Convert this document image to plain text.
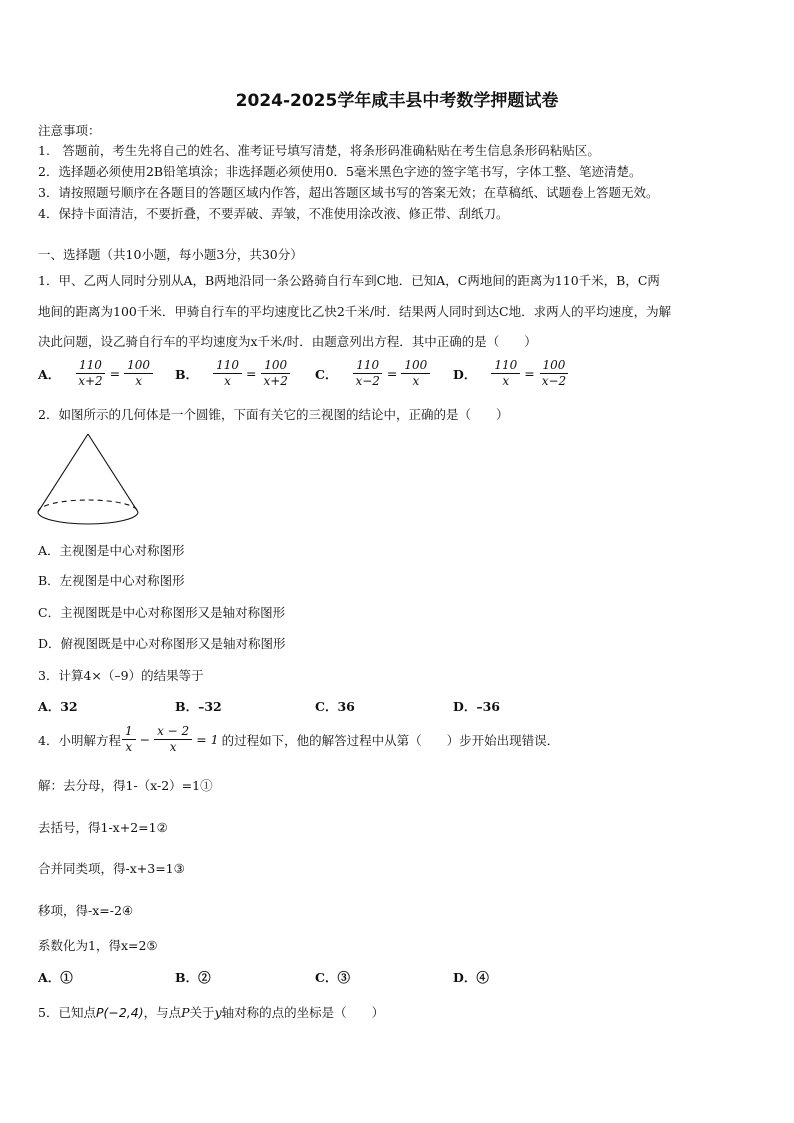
2024-2025学年咸丰县中考数学押题试卷
注意事项：
1.　答题前，考生先将自己的姓名、准考证号填写清楚，将条形码准确粘贴在考生信息条形码粘贴区。
2．选择题必须使用2B铅笔填涂；非选择题必须使用0．5毫米黑色字迹的签字笔书写，字体工整、笔迹清楚。
3．请按照题号顺序在各题目的答题区域内作答，超出答题区域书写的答案无效；在草稿纸、试题卷上答题无效。
4．保持卡面清洁，不要折叠，不要弄破、弄皱，不准使用涂改液、修正带、刮纸刀。
一、选择题（共10小题，每小题3分，共30分）
1．甲、乙两人同时分别从A，B两地沿同一条公路骑自行车到C地．已知A，C两地间的距离为110千米，B，C两
地间的距离为100千米．甲骑自行车的平均速度比乙快2千米/时．结果两人同时到达C地．求两人的平均速度，为解
决此问题，设乙骑自行车的平均速度为x千米/时．由题意列出方程．其中正确的是（　　）
A． $\frac{110}{x+2} = \frac{100}{x}$ B． $\frac{110}{x} = \frac{100}{x+2}$ C． $\frac{110}{x-2} = \frac{100}{x}$ D． $\frac{110}{x} = \frac{100}{x-2}$
2．如图所示的几何体是一个圆锥，下面有关它的三视图的结论中，正确的是（　　）
A．主视图是中心对称图形
B．左视图是中心对称图形
C．主视图既是中心对称图形又是轴对称图形
D．俯视图既是中心对称图形又是轴对称图形
3．计算4×（–9）的结果等于
A．32	B．–32	C．36	D．–36
4．小明解方程 $\frac{1}{x} - \frac{x - 2}{x} = 1$ 的过程如下，他的解答过程中从第（　　）步开始出现错误．
解：去分母，得1-（x-2）=1①
去括号，得1-x+2=1②
合并同类项，得-x+3=1③
移项，得-x=-2④
系数化为1，得x=2⑤
A．①	B．②	C．③	D．④
5．已知点P(−2,4)，与点P关于y轴对称的点的坐标是（　　）
